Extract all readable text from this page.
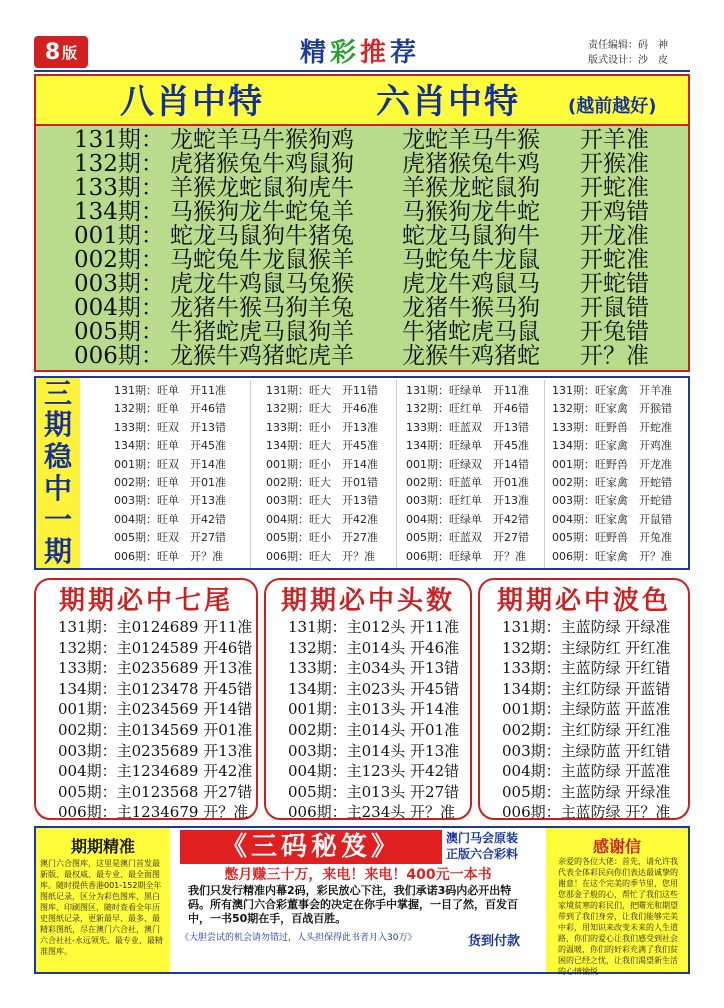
8 版	精彩推荐	责任编辑：码　神
版式设计：沙　皮
八肖中特	六肖中特	(越前越好)
131期： 龙蛇羊马牛猴狗鸡 龙蛇羊马牛猴 开羊准
132期： 虎猪猴兔牛鸡鼠狗 虎猪猴兔牛鸡 开猴准
133期： 羊猴龙蛇鼠狗虎牛 羊猴龙蛇鼠狗 开蛇准
134期： 马猴狗龙牛蛇兔羊 马猴狗龙牛蛇 开鸡错
001期： 蛇龙马鼠狗牛猪兔 蛇龙马鼠狗牛 开龙准
002期： 马蛇兔牛龙鼠猴羊 马蛇兔牛龙鼠 开蛇准
003期： 虎龙牛鸡鼠马兔猴 虎龙牛鸡鼠马 开蛇错
004期： 龙猪牛猴马狗羊兔 龙猪牛猴马狗 开鼠错
005期： 牛猪蛇虎马鼠狗羊 牛猪蛇虎马鼠 开兔错
006期： 龙猴牛鸡猪蛇虎羊 龙猴牛鸡猪蛇 开？准
三
期
稳
中
一
期
期期必中七尾
131期：主0124689 开11准
132期：主0124589 开46错
133期：主0235689 开13准
134期：主0123478 开45错
001期：主0234569 开14错
002期：主0134569 开01准
003期：主0235689 开13准
004期：主1234689 开42准
005期：主0123568 开27错
006期：主1234679 开？准
期期必中头数
131期：主012头 开11准
132期：主014头 开46准
133期：主034头 开13错
134期：主023头 开45错
001期：主013头 开14准
002期：主014头 开01准
003期：主014头 开13准
004期：主123头 开42错
005期：主013头 开27错
006期：主234头 开？准
期期必中波色
131期：主蓝防绿 开绿准
132期：主绿防红 开红准
133期：主蓝防绿 开红错
134期：主红防绿 开蓝错
001期：主绿防蓝 开蓝准
002期：主红防绿 开红准
003期：主绿防蓝 开红错
004期：主蓝防绿 开蓝准
005期：主蓝防绿 开绿准
006期：主蓝防绿 开？准
期期精准
澳门六合图库，这里是澳门首发最新版、最权威、最专业、最全面图库。随时提供香港001-152期全年图纸记录，区分为彩色图库、黑白图库、印刷图区，随时查看全年历史图纸记录，更新最早、最多、最精彩图纸，尽在澳门六合社，澳门六合社社-永远领先、最专业、最精准图库。
《三码秘笈》	澳门马会原装
正版六合彩料
憋月赚三十万，来电！来电！400元一本书
我们只发行精准内幕2码，彩民放心下注，我们承诺3码内必开出特码。所有澳门六合彩董事会的决定在你手中掌握，一目了然，百发百中，一书50期在手，百战百胜。
《大胆尝试的机会请勿错过，人头担保得此书者月入30万》	货到付款
感谢信
亲爱的各位大佬：首先，请允许我代表全体彩民向你们表达最诚挚的谢意！在这个完美的季节里，您用您那金子般的心，帮忙了我们这些家境贫寒的彩民们，把曙光和期望带到了我们身旁，让我们能够完美中彩，用知识来改变未来的人生道路，你们的爱心让我们感受到社会的温暖，你们的好彩充满了我们贫困的已经之忧，让我们渴望新生活的心情愉悦
131期：旺单　开11准
132期：旺单　开46错
133期：旺双　开13错
134期：旺单　开45准
001期：旺双　开14准
002期：旺单　开01准
003期：旺单　开13准
004期：旺单　开42错
005期：旺双　开27错
006期：旺单　开？准
131期：旺大　开11错
132期：旺大　开46准
133期：旺小　开13准
134期：旺大　开45准
001期：旺小　开14准
002期：旺大　开01错
003期：旺大　开13错
004期：旺大　开42准
005期：旺小　开27准
006期：旺大　开？准
131期：旺绿单　开11准
132期：旺红单　开46错
133期：旺蓝双　开13错
134期：旺绿单　开45准
001期：旺绿双　开14错
002期：旺蓝单　开01准
003期：旺红单　开13准
004期：旺绿单　开42错
005期：旺蓝双　开27错
006期：旺绿单　开？准
131期：旺家禽　开羊准
132期：旺家禽　开猴错
133期：旺野兽　开蛇准
134期：旺家禽　开鸡准
001期：旺野兽　开龙准
002期：旺家禽　开蛇错
003期：旺家禽　开蛇错
004期：旺家禽　开鼠错
005期：旺野兽　开兔准
006期：旺家禽　开？准
